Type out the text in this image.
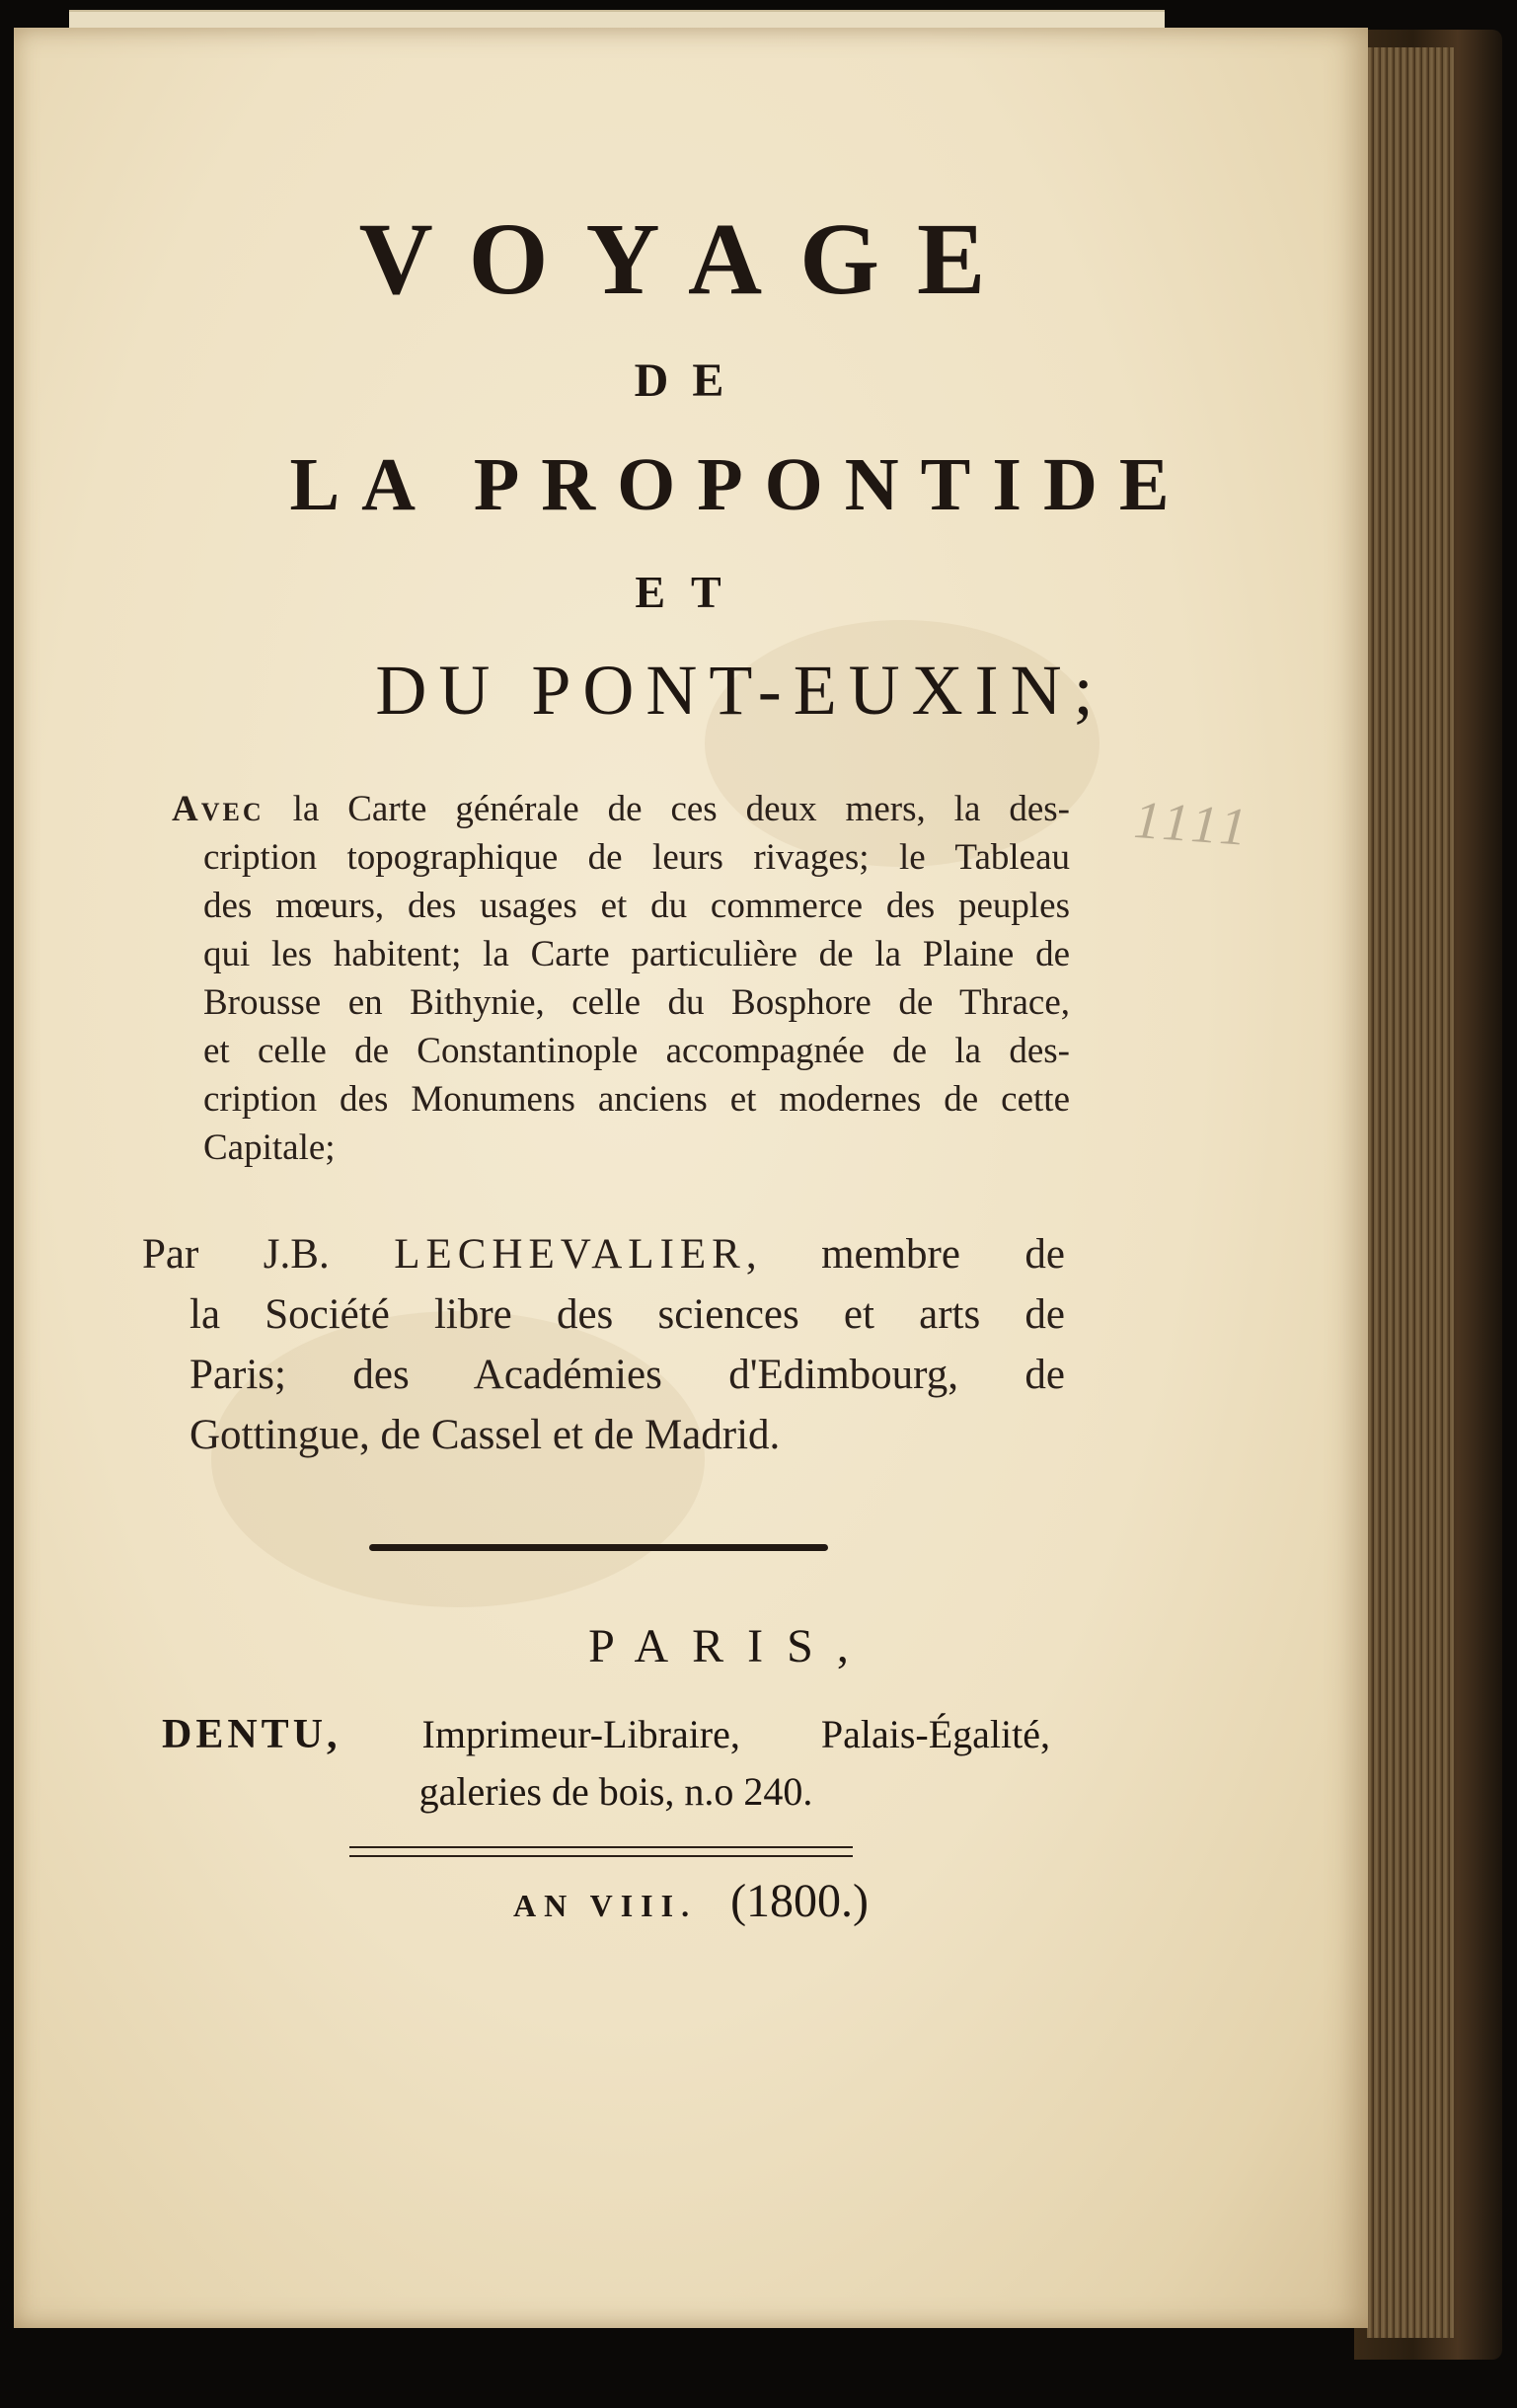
VOYAGE
DE
LA PROPONTIDE
ET
DU PONT-EUXIN;
1111
Avec la Carte générale de ces deux mers, la des-
cription topographique de leurs rivages; le Tableau
des mœurs, des usages et du commerce des peuples
qui les habitent; la Carte particulière de la Plaine de
Brousse en Bithynie, celle du Bosphore de Thrace,
et celle de Constantinople accompagnée de la des-
cription des Monumens anciens et modernes de cette
Capitale;
Par J.B. LECHEVALIER, membre de
la Société libre des sciences et arts de
Paris; des Académies d'Edimbourg, de
Gottingue, de Cassel et de Madrid.
PARIS,
DENTU, Imprimeur-Libraire, Palais-Égalité,
galeries de bois, n.o 240.
AN VIII. (1800.)
